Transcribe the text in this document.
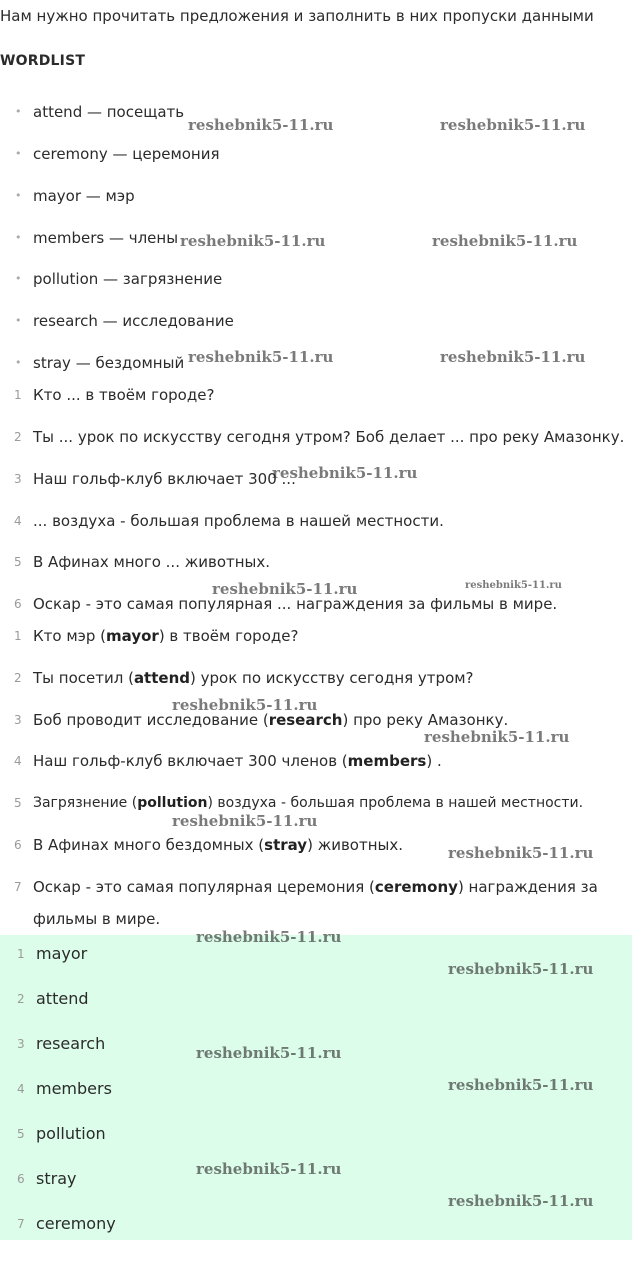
Нам нужно прочитать предложения и заполнить в них пропуски данными

WORDLIST
• attend — посещать
• ceremony — церемония
• mayor — мэр
• members — члены
• pollution — загрязнение
• research — исследование
• stray — бездомный
1 Кто ... в твоём городе?
2 Ты ... урок по искусству сегодня утром? Боб делает ... про реку Амазонку.
3 Наш гольф-клуб включает 300 ...
4 ... воздуха - большая проблема в нашей местности.
5 В Афинах много ... животных.
6 Оскар - это самая популярная ... награждения за фильмы в мире.
1 Кто мэр (mayor) в твоём городе?
2 Ты посетил (attend) урок по искусству сегодня утром?
3 Боб проводит исследование (research) про реку Амазонку.
4 Наш гольф-клуб включает 300 членов (members) .
5 Загрязнение (pollution) воздуха - большая проблема в нашей местности.
6 В Афинах много бездомных (stray) животных.
7 Оскар - это самая популярная церемония (ceremony) награждения за
фильмы в мире.
1 mayor
2 attend
3 research
4 members
5 pollution
6 stray
7 ceremony
reshebnik5-11.ru	reshebnik5-11.ru
reshebnik5-11.ru	reshebnik5-11.ru
reshebnik5-11.ru	reshebnik5-11.ru
reshebnik5-11.ru
reshebnik5-11.ru	reshebnik5-11.ru
reshebnik5-11.ru
reshebnik5-11.ru
reshebnik5-11.ru
reshebnik5-11.ru
reshebnik5-11.ru
reshebnik5-11.ru
reshebnik5-11.ru
reshebnik5-11.ru
reshebnik5-11.ru
reshebnik5-11.ru
